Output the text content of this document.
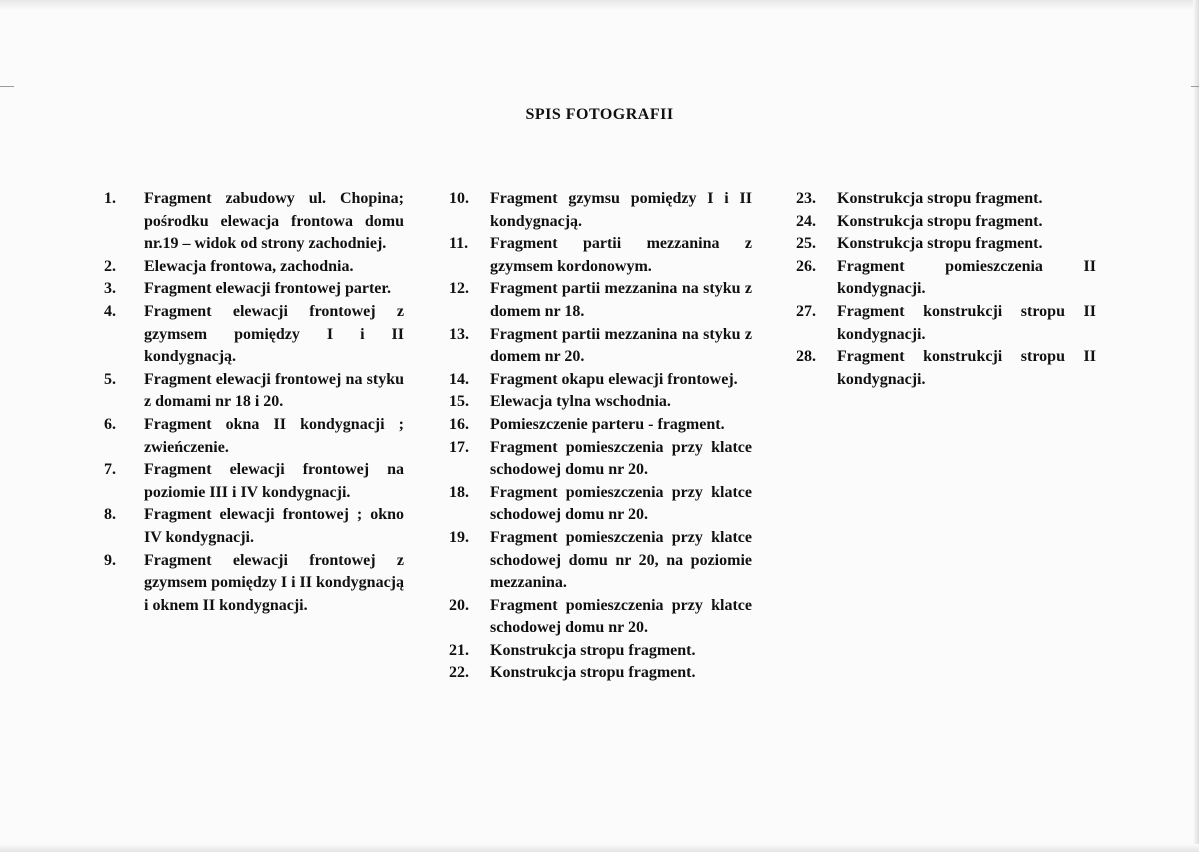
SPIS FOTOGRAFII
1.	Fragment zabudowy ul. Chopina; pośrodku elewacja frontowa domu nr.19 – widok od strony zachodniej.
2.	Elewacja frontowa, zachodnia.
3.	Fragment elewacji frontowej parter.
4.	Fragment elewacji frontowej z gzymsem pomiędzy I i II kondygnacją.
5.	Fragment elewacji frontowej na styku z domami nr 18 i 20.
6.	Fragment okna II kondygnacji ; zwieńczenie.
7.	Fragment elewacji frontowej na poziomie III i IV kondygnacji.
8.	Fragment elewacji frontowej ; okno IV kondygnacji.
9.	Fragment elewacji frontowej z gzymsem pomiędzy I i II kondygnacją i oknem II kondygnacji.
10.	Fragment gzymsu pomiędzy I i II kondygnacją.
11.	Fragment partii mezzanina z gzymsem kordonowym.
12.	Fragment partii mezzanina na styku z domem nr 18.
13.	Fragment partii mezzanina na styku z domem nr 20.
14.	Fragment okapu elewacji frontowej.
15.	Elewacja tylna wschodnia.
16.	Pomieszczenie parteru - fragment.
17.	Fragment pomieszczenia przy klatce schodowej domu nr 20.
18.	Fragment pomieszczenia przy klatce schodowej domu nr 20.
19.	Fragment pomieszczenia przy klatce schodowej domu nr 20, na poziomie mezzanina.
20.	Fragment pomieszczenia przy klatce schodowej domu nr 20.
21.	Konstrukcja stropu fragment.
22.	Konstrukcja stropu fragment.
23.	Konstrukcja stropu fragment.
24.	Konstrukcja stropu fragment.
25.	Konstrukcja stropu fragment.
26.	Fragment pomieszczenia II kondygnacji.
27.	Fragment konstrukcji stropu II kondygnacji.
28.	Fragment konstrukcji stropu II kondygnacji.
